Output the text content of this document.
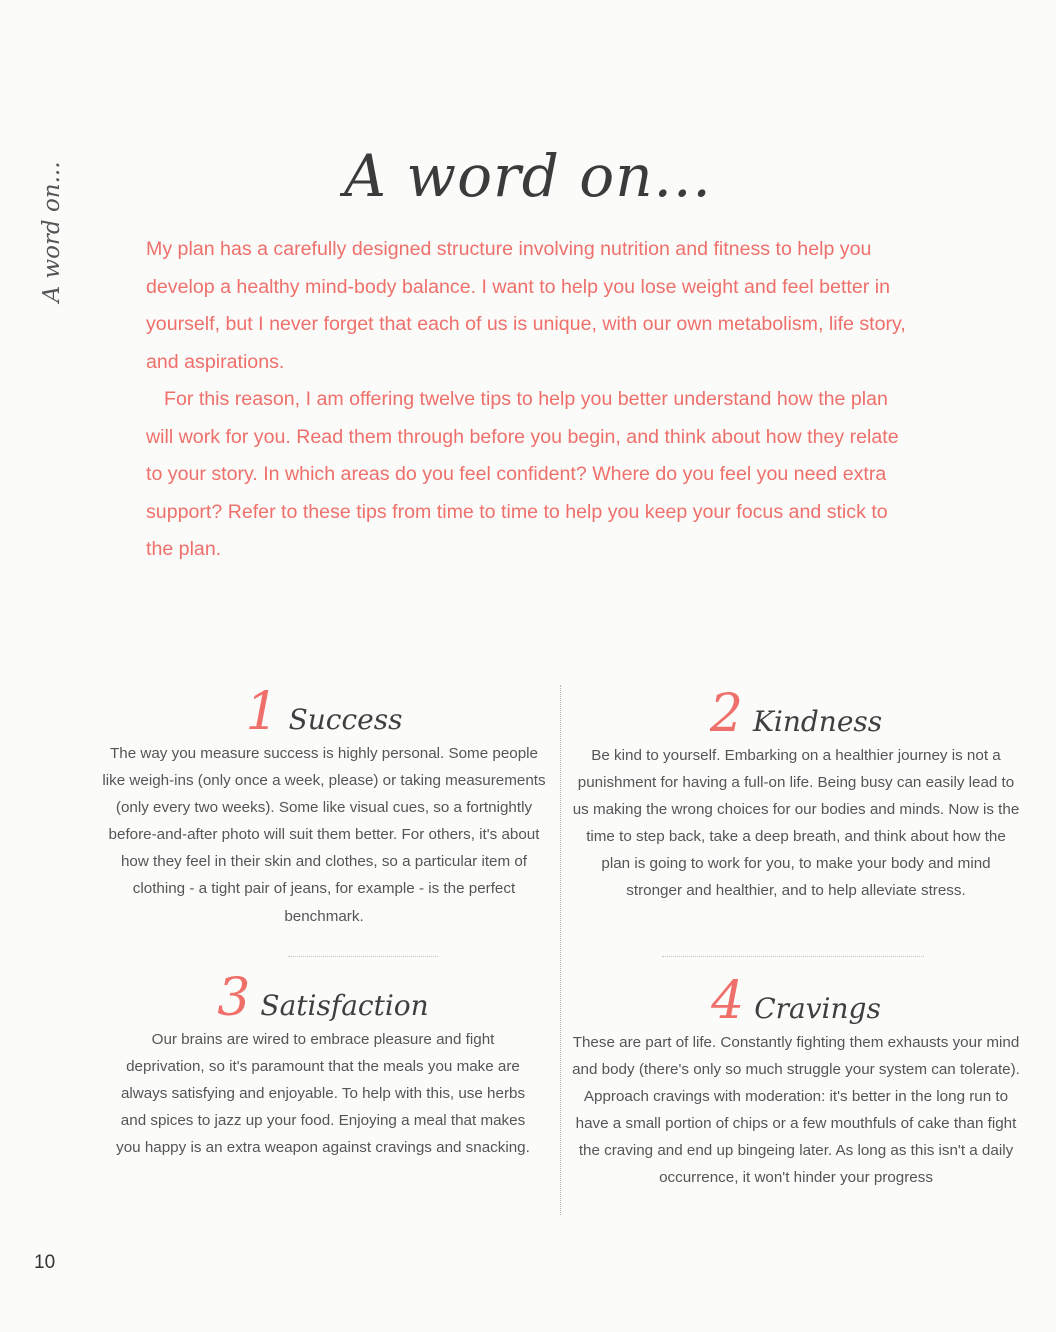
A word on...	A word on...

My plan has a carefully designed structure involving nutrition and fitness to help you develop a healthy mind-body balance. I want to help you lose weight and feel better in yourself, but I never forget that each of us is unique, with our own metabolism, life story, and aspirations.

For this reason, I am offering twelve tips to help you better understand how the plan will work for you. Read them through before you begin, and think about how they relate to your story. In which areas do you feel confident? Where do you feel you need extra support? Refer to these tips from time to time to help you keep your focus and stick to the plan.

1 Success

The way you measure success is highly personal. Some people like weigh-ins (only once a week, please) or taking measurements (only every two weeks). Some like visual cues, so a fortnightly before-and-after photo will suit them better. For others, it's about how they feel in their skin and clothes, so a particular item of clothing - a tight pair of jeans, for example - is the perfect benchmark.

2 Kindness

Be kind to yourself. Embarking on a healthier journey is not a punishment for having a full-on life. Being busy can easily lead to us making the wrong choices for our bodies and minds. Now is the time to step back, take a deep breath, and think about how the plan is going to work for you, to make your body and mind stronger and healthier, and to help alleviate stress.

3 Satisfaction

Our brains are wired to embrace pleasure and fight deprivation, so it's paramount that the meals you make are always satisfying and enjoyable. To help with this, use herbs and spices to jazz up your food. Enjoying a meal that makes you happy is an extra weapon against cravings and snacking.

4 Cravings

These are part of life. Constantly fighting them exhausts your mind and body (there's only so much struggle your system can tolerate). Approach cravings with moderation: it's better in the long run to have a small portion of chips or a few mouthfuls of cake than fight the craving and end up bingeing later. As long as this isn't a daily occurrence, it won't hinder your progress

10
